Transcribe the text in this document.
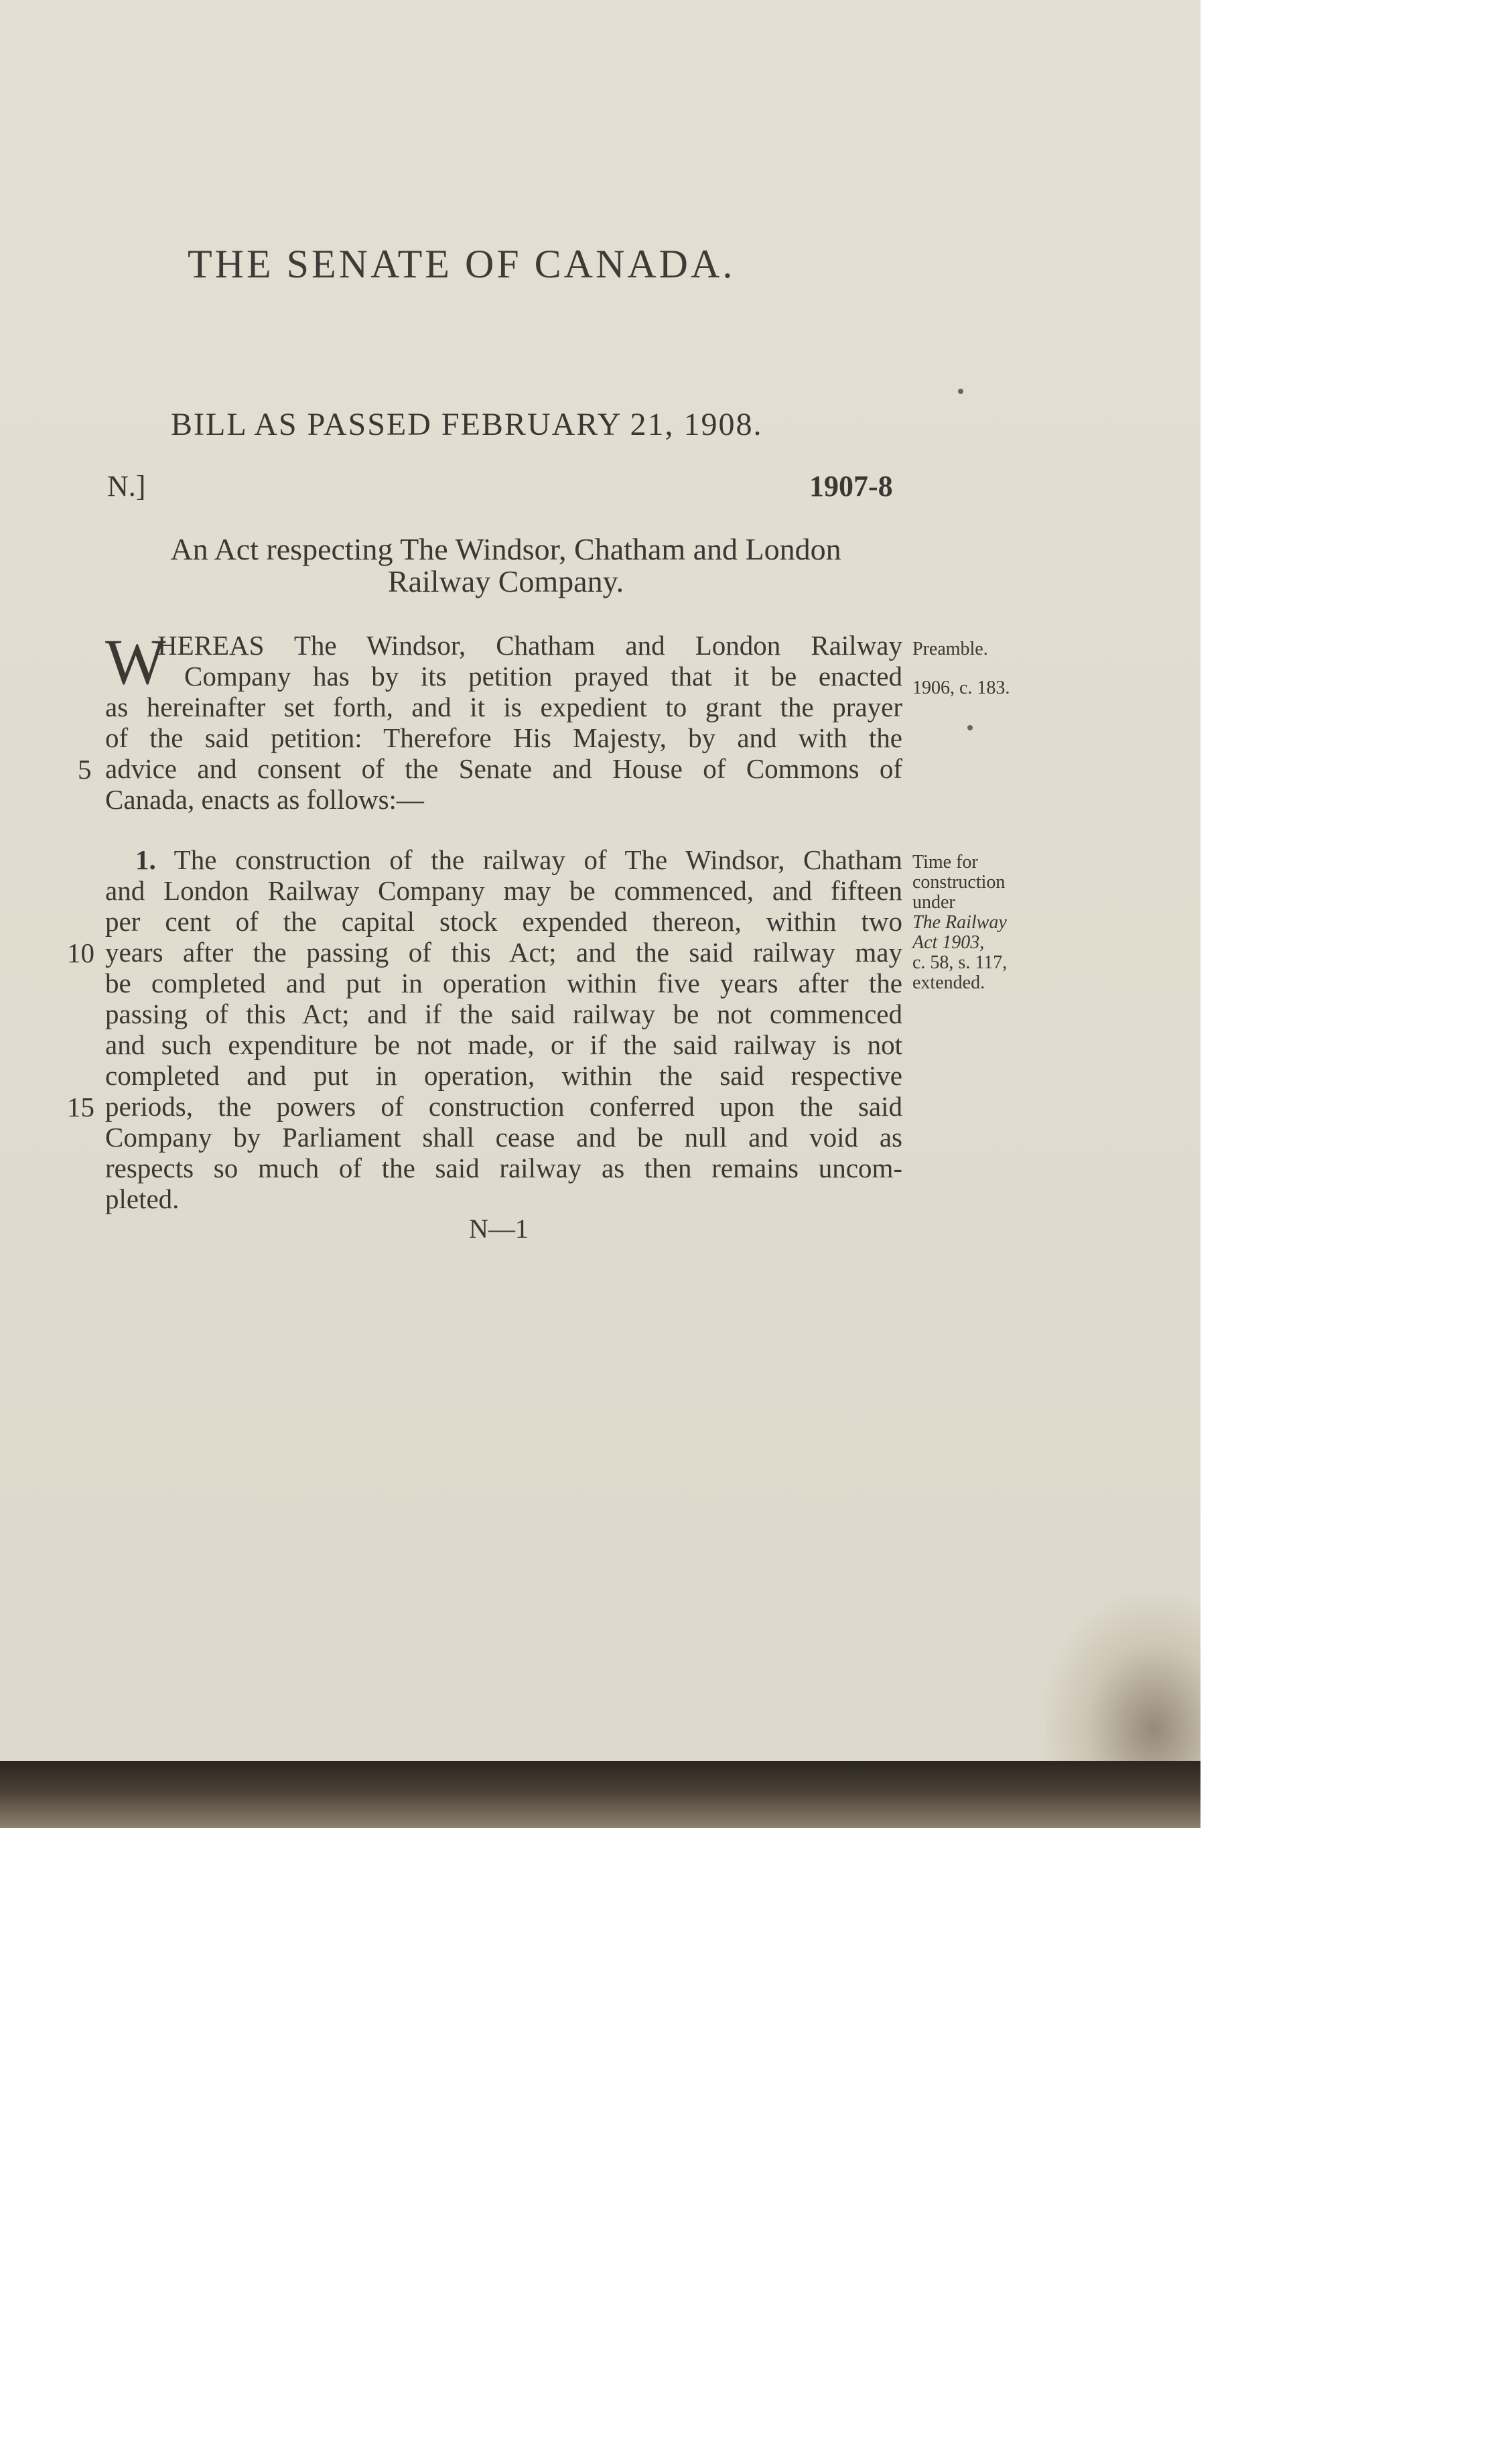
THE SENATE OF CANADA.
BILL AS PASSED FEBRUARY 21, 1908.
N.]	1907-8
An Act respecting The Windsor, Chatham and London
Railway Company.
W
HEREAS The Windsor, Chatham and London Railway
Company has by its petition prayed that it be enacted
as hereinafter set forth, and it is expedient to grant the prayer
of the said petition: Therefore His Majesty, by and with the
advice and consent of the Senate and House of Commons of
Canada, enacts as follows:—
5
Preamble.
1906, c. 183.
1. The construction of the railway of The Windsor, Chatham
and London Railway Company may be commenced, and fifteen
per cent of the capital stock expended thereon, within two
years after the passing of this Act; and the said railway may
be completed and put in operation within five years after the
passing of this Act; and if the said railway be not commenced
and such expenditure be not made, or if the said railway is not
completed and put in operation, within the said respective
periods, the powers of construction conferred upon the said
Company by Parliament shall cease and be null and void as
respects so much of the said railway as then remains uncom-
pleted.
10
15
Time for
construction
under
The Railway
Act 1903,
c. 58, s. 117,
extended.
N—1
